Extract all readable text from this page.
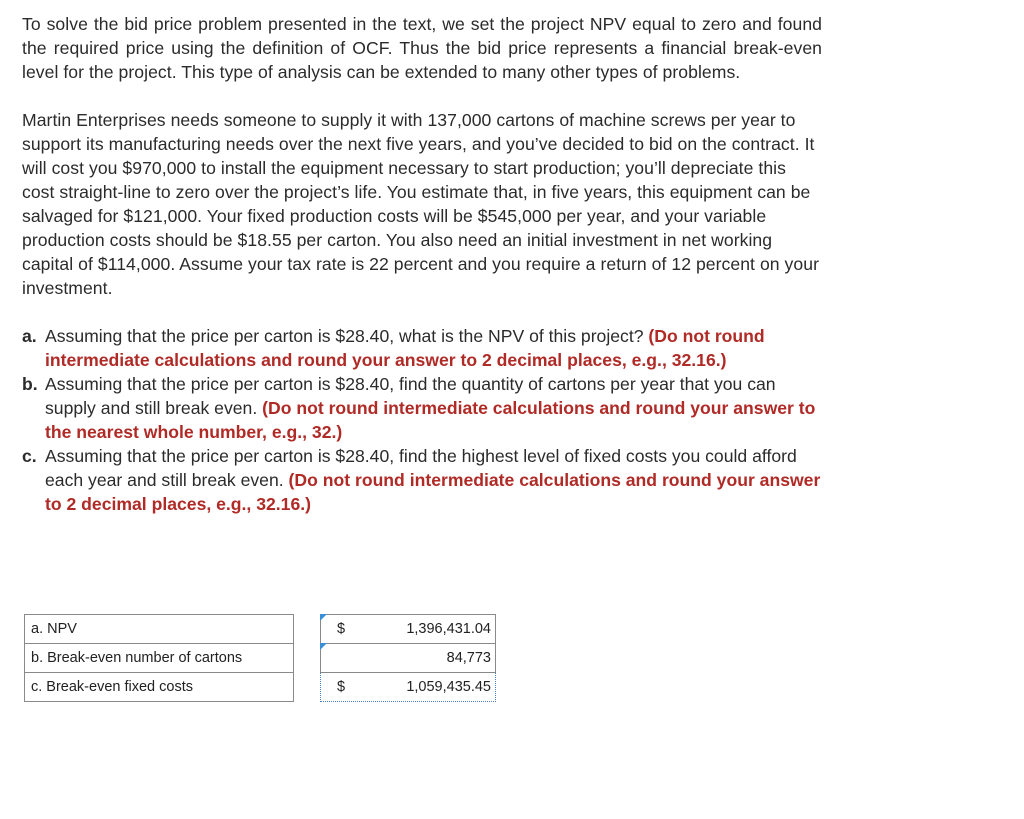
To solve the bid price problem presented in the text, we set the project NPV equal to zero and found the required price using the definition of OCF. Thus the bid price represents a financial break-even level for the project. This type of analysis can be extended to many other types of problems.

Martin Enterprises needs someone to supply it with 137,000 cartons of machine screws per year to support its manufacturing needs over the next five years, and you’ve decided to bid on the contract. It will cost you $970,000 to install the equipment necessary to start production; you’ll depreciate this cost straight-line to zero over the project’s life. You estimate that, in five years, this equipment can be salvaged for $121,000. Your fixed production costs will be $545,000 per year, and your variable production costs should be $18.55 per carton. You also need an initial investment in net working capital of $114,000. Assume your tax rate is 22 percent and you require a return of 12 percent on your investment.

a. Assuming that the price per carton is $28.40, what is the NPV of this project? (Do not round intermediate calculations and round your answer to 2 decimal places, e.g., 32.16.)
b. Assuming that the price per carton is $28.40, find the quantity of cartons per year that you can supply and still break even. (Do not round intermediate calculations and round your answer to the nearest whole number, e.g., 32.)
c. Assuming that the price per carton is $28.40, find the highest level of fixed costs you could afford each year and still break even. (Do not round intermediate calculations and round your answer to 2 decimal places, e.g., 32.16.)
a. NPV		$ 1,396,431.04

b. Break-even number of cartons		84,773

c. Break-even fixed costs		$ 1,059,435.45
